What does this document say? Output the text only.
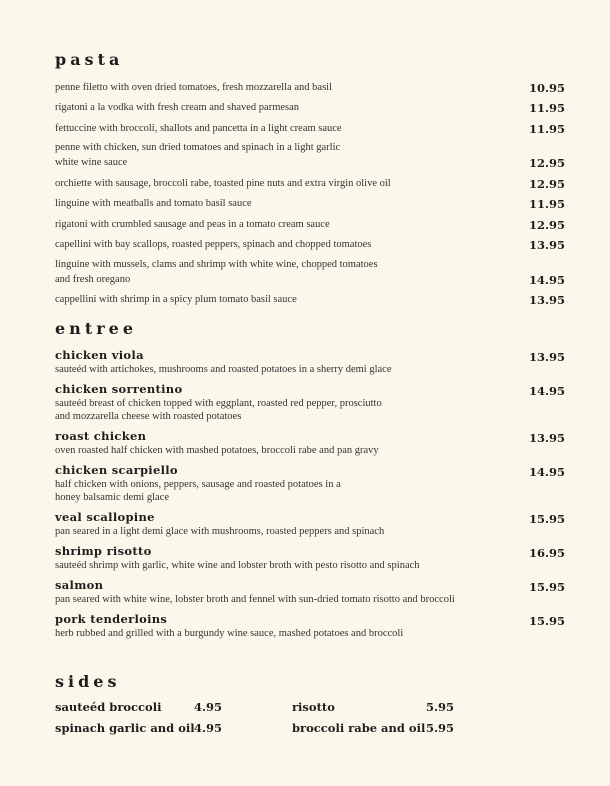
pasta
penne filetto with oven dried tomatoes, fresh mozzarella and basil	10.95
rigatoni a la vodka with fresh cream and shaved parmesan	11.95
fettuccine with broccoli, shallots and pancetta in a light cream sauce	11.95
penne with chicken, sun dried tomatoes and spinach in a light garlic
white wine sauce	12.95
orchiette with sausage, broccoli rabe, toasted pine nuts and extra virgin olive oil	12.95
linguine with meatballs and tomato basil sauce	11.95
rigatoni with crumbled sausage and peas in a tomato cream sauce	12.95
capellini with bay scallops, roasted peppers, spinach and chopped tomatoes	13.95
linguine with mussels, clams and shrimp with white wine, chopped tomatoes
and fresh oregano	14.95
cappellini with shrimp in a spicy plum tomato basil sauce	13.95
entree
chicken viola
sauteéd with artichokes, mushrooms and roasted potatoes in a sherry demi glace
13.95
chicken sorrentino
sauteéd breast of chicken topped with eggplant, roasted red pepper, prosciutto
and mozzarella cheese with roasted potatoes
14.95
roast chicken
oven roasted half chicken with mashed potatoes, broccoli rabe and pan gravy
13.95
chicken scarpiello
half chicken with onions, peppers, sausage and roasted potatoes in a
honey balsamic demi glace
14.95
veal scallopine
pan seared in a light demi glace with mushrooms, roasted peppers and spinach
15.95
shrimp risotto
sauteéd shrimp with garlic, white wine and lobster broth with pesto risotto and spinach
16.95
salmon
pan seared with white wine, lobster broth and fennel with sun-dried tomato risotto and broccoli
15.95
pork tenderloins
herb rubbed and grilled with a burgundy wine sauce, mashed potatoes and broccoli
15.95
sides
sauteéd broccoli	4.95	risotto	5.95
spinach garlic and oil 4.95	broccoli rabe and oil 5.95
